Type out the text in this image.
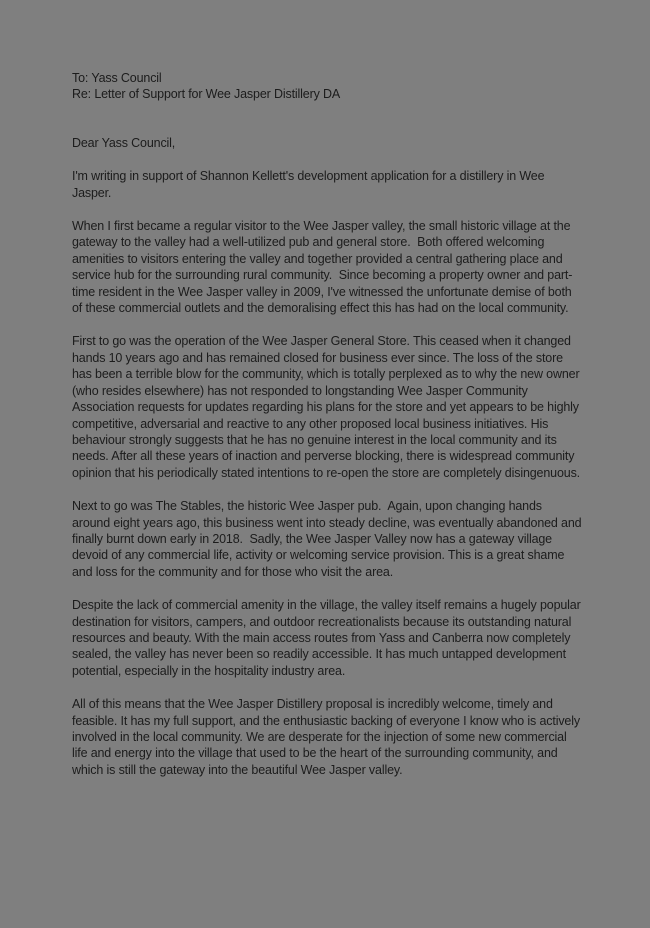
To: Yass Council

Re: Letter of Support for Wee Jasper Distillery DA

Dear Yass Council,

I'm writing in support of Shannon Kellett's development application for a distillery in Wee Jasper.

When I first became a regular visitor to the Wee Jasper valley, the small historic village at the gateway to the valley had a well-utilized pub and general store.  Both offered welcoming amenities to visitors entering the valley and together provided a central gathering place and service hub for the surrounding rural community.  Since becoming a property owner and part-time resident in the Wee Jasper valley in 2009, I've witnessed the unfortunate demise of both of these commercial outlets and the demoralising effect this has had on the local community.

First to go was the operation of the Wee Jasper General Store. This ceased when it changed hands 10 years ago and has remained closed for business ever since. The loss of the store has been a terrible blow for the community, which is totally perplexed as to why the new owner (who resides elsewhere) has not responded to longstanding Wee Jasper Community Association requests for updates regarding his plans for the store and yet appears to be highly competitive, adversarial and reactive to any other proposed local business initiatives. His behaviour strongly suggests that he has no genuine interest in the local community and its needs. After all these years of inaction and perverse blocking, there is widespread community opinion that his periodically stated intentions to re-open the store are completely disingenuous.

Next to go was The Stables, the historic Wee Jasper pub.  Again, upon changing hands around eight years ago, this business went into steady decline, was eventually abandoned and finally burnt down early in 2018.  Sadly, the Wee Jasper Valley now has a gateway village devoid of any commercial life, activity or welcoming service provision. This is a great shame and loss for the community and for those who visit the area.

Despite the lack of commercial amenity in the village, the valley itself remains a hugely popular destination for visitors, campers, and outdoor recreationalists because its outstanding natural resources and beauty. With the main access routes from Yass and Canberra now completely sealed, the valley has never been so readily accessible. It has much untapped development potential, especially in the hospitality industry area.

All of this means that the Wee Jasper Distillery proposal is incredibly welcome, timely and feasible. It has my full support, and the enthusiastic backing of everyone I know who is actively involved in the local community. We are desperate for the injection of some new commercial life and energy into the village that used to be the heart of the surrounding community, and which is still the gateway into the beautiful Wee Jasper valley.
